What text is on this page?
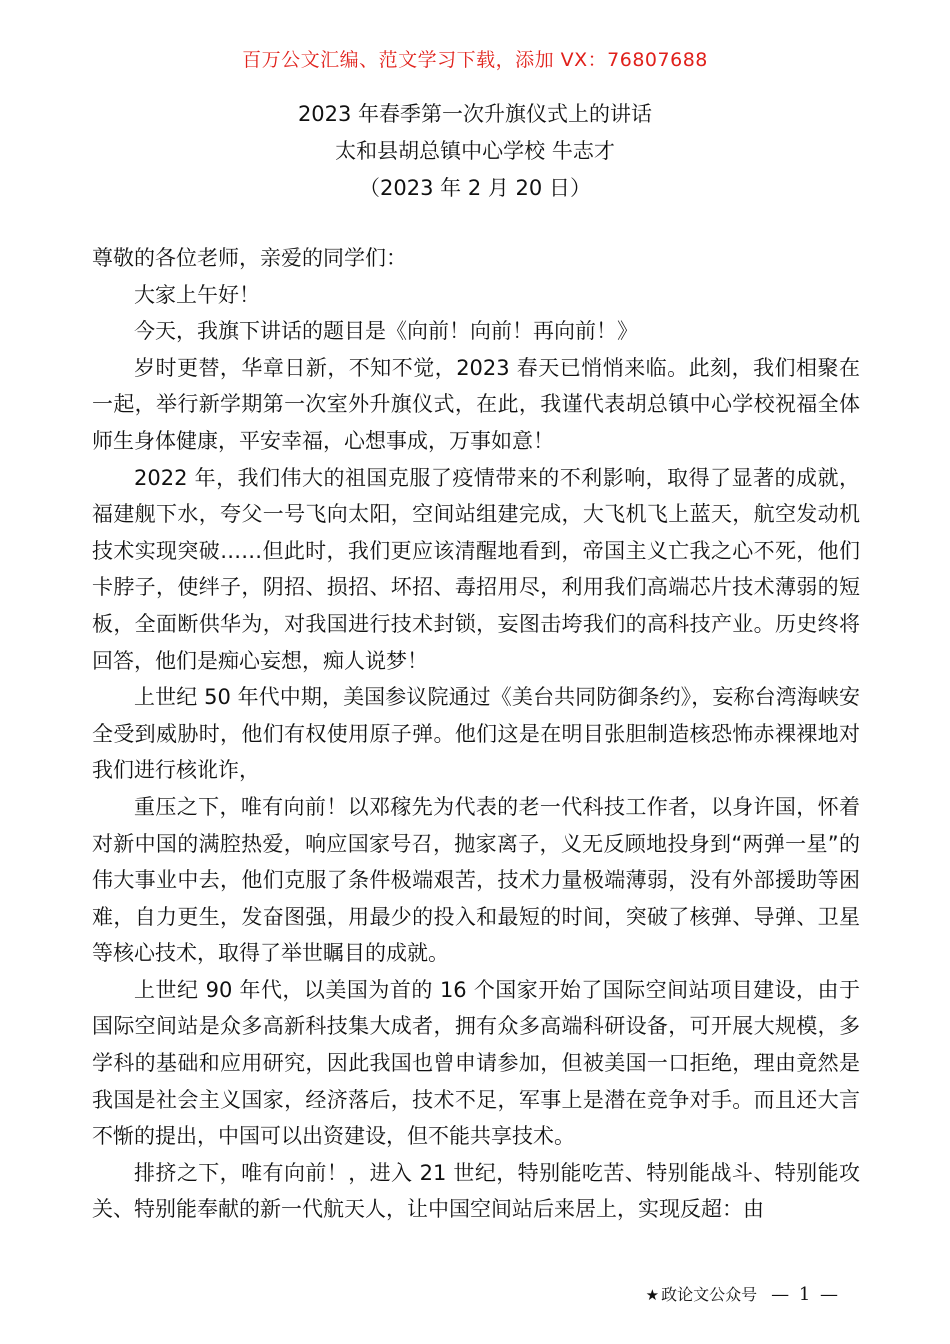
百万公文汇编、范文学习下载，添加 VX：76807688
2023 年春季第一次升旗仪式上的讲话
太和县胡总镇中心学校 牛志才
（2023 年 2 月 20 日）

尊敬的各位老师，亲爱的同学们：

大家上午好！

今天，我旗下讲话的题目是《向前！向前！再向前！》

岁时更替，华章日新，不知不觉，2023 春天已悄悄来临。此刻，我们相聚在一起，举行新学期第一次室外升旗仪式，在此，我谨代表胡总镇中心学校祝福全体师生身体健康，平安幸福，心想事成，万事如意！

2022 年，我们伟大的祖国克服了疫情带来的不利影响，取得了显著的成就，福建舰下水，夸父一号飞向太阳，空间站组建完成，大飞机飞上蓝天，航空发动机技术实现突破……但此时，我们更应该清醒地看到，帝国主义亡我之心不死，他们卡脖子，使绊子，阴招、损招、坏招、毒招用尽，利用我们高端芯片技术薄弱的短板，全面断供华为，对我国进行技术封锁，妄图击垮我们的高科技产业。历史终将回答，他们是痴心妄想，痴人说梦！

上世纪 50 年代中期，美国参议院通过《美台共同防御条约》，妄称台湾海峡安全受到威胁时，他们有权使用原子弹。他们这是在明目张胆制造核恐怖赤裸裸地对我们进行核讹诈，

重压之下，唯有向前！以邓稼先为代表的老一代科技工作者，以身许国，怀着对新中国的满腔热爱，响应国家号召，抛家离子，义无反顾地投身到“两弹一星”的伟大事业中去，他们克服了条件极端艰苦，技术力量极端薄弱，没有外部援助等困难，自力更生，发奋图强，用最少的投入和最短的时间，突破了核弹、导弹、卫星等核心技术，取得了举世瞩目的成就。

上世纪 90 年代，以美国为首的 16 个国家开始了国际空间站项目建设，由于国际空间站是众多高新科技集大成者，拥有众多高端科研设备，可开展大规模，多学科的基础和应用研究，因此我国也曾申请参加，但被美国一口拒绝，理由竟然是我国是社会主义国家，经济落后，技术不足，军事上是潜在竞争对手。而且还大言不惭的提出，中国可以出资建设，但不能共享技术。

排挤之下，唯有向前！，进入 21 世纪，特别能吃苦、特别能战斗、特别能攻关、特别能奉献的新一代航天人，让中国空间站后来居上，实现反超：由

★ 政论文公众号 — 1 —
